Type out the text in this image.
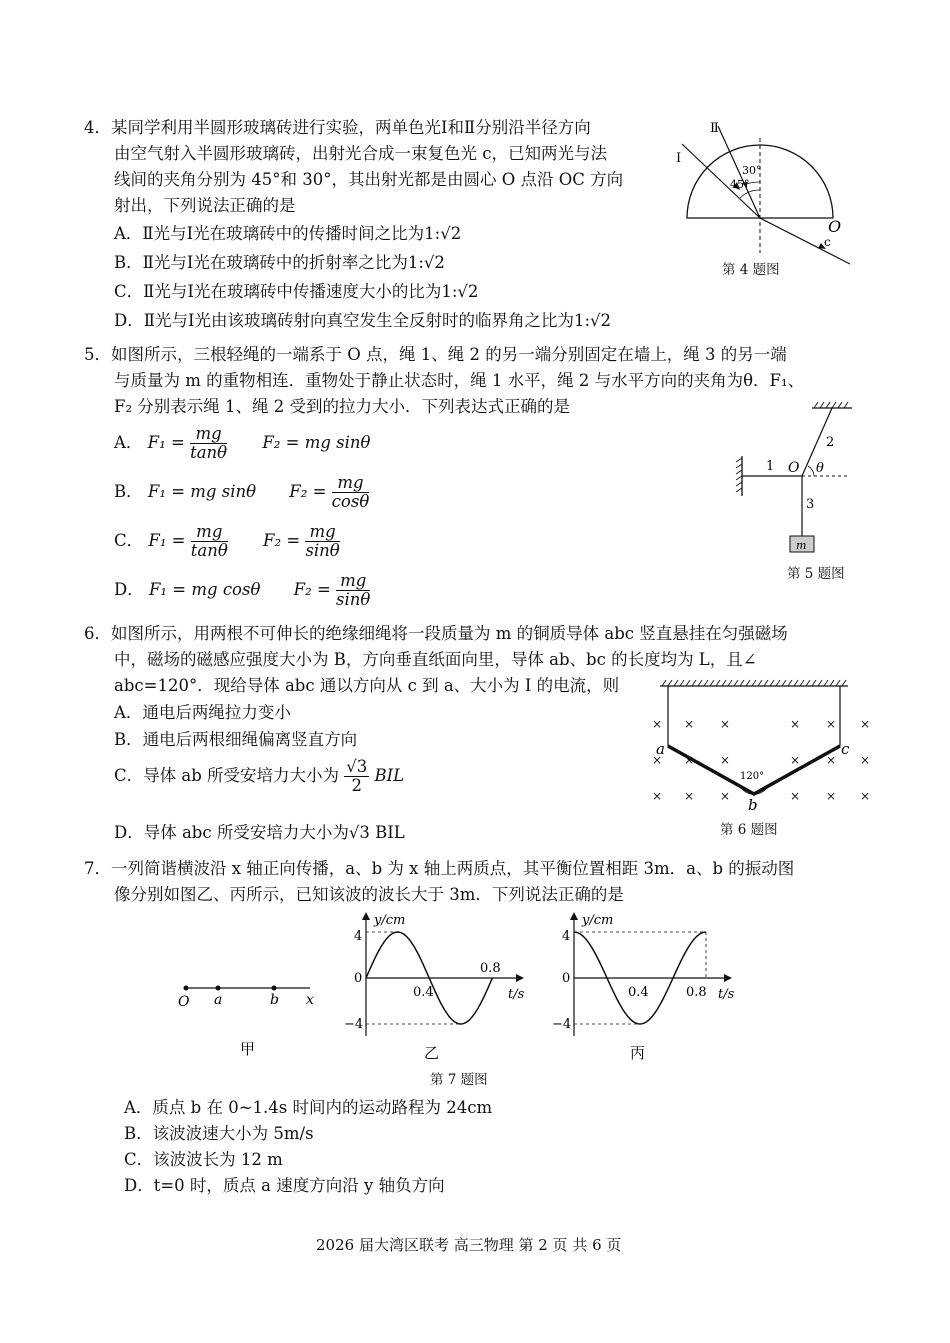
4．某同学利用半圆形玻璃砖进行实验，两单色光Ⅰ和Ⅱ分别沿半径方向
由空气射入半圆形玻璃砖，出射光合成一束复色光 c，已知两光与法
线间的夹角分别为 45°和 30°，其出射光都是由圆心 O 点沿 OC 方向
射出，下列说法正确的是
A．Ⅱ光与Ⅰ光在玻璃砖中的传播时间之比为1:√2
B．Ⅱ光与Ⅰ光在玻璃砖中的折射率之比为1:√2
C．Ⅱ光与Ⅰ光在玻璃砖中传播速度大小的比为1:√2
D．Ⅱ光与Ⅰ光由该玻璃砖射向真空发生全反射时的临界角之比为1:√2
Ⅱ
Ⅰ
30°
45°
O
c
第 4 题图
5．如图所示，三根轻绳的一端系于 O 点，绳 1、绳 2 的另一端分别固定在墙上，绳 3 的另一端
与质量为 m 的重物相连．重物处于静止状态时，绳 1 水平，绳 2 与水平方向的夹角为θ．F₁、
F₂ 分别表示绳 1、绳 2 受到的拉力大小．下列表达式正确的是
A． $F_1 = \frac{mg}{\tan\theta} F_2$ = mg sinθ
B． F₁ = mg sinθ $F_2 = \frac{mg}{\cos\theta}$
C． $F_1 = \frac{mg}{\tan\theta} F_2 = \frac{mg}{\sin\theta}$
D． F₁ = mg cosθ $F_2 = \frac{mg}{\sin\theta}$
1
2
3
O θ
m
第 5 题图
6．如图所示，用两根不可伸长的绝缘细绳将一段质量为 m 的铜质导体 abc 竖直悬挂在匀强磁场
中，磁场的磁感应强度大小为 B，方向垂直纸面向里，导体 ab、bc 的长度均为 L，且∠
abc=120°．现给导体 abc 通以方向从 c 到 a、大小为 I 的电流，则
A．通电后两绳拉力变小
B．通电后两根细绳偏离竖直方向
C．导体 ab 所受安培力大小为 $\frac{√3}{2}$ BIL
D．导体 abc 所受安培力大小为√3 BIL
×	×	×	×
× × ×	× × ×
× × ×	× × ×
×	×
a
b
c
120°
第 6 题图
7．一列简谐横波沿 x 轴正向传播，a、b 为 x 轴上两质点，其平衡位置相距 3m．a、b 的振动图
像分别如图乙、丙所示，已知该波的波长大于 3m．下列说法正确的是
O a	b x
甲
y/cm
t/s
4
0
−4
0.4
0.8
乙
y/cm
t/s
4
0
−4
0.4	0.8
丙
第 7 题图
A．质点 b 在 0~1.4s 时间内的运动路程为 24cm
B．该波波速大小为 5m/s
C．该波波长为 12 m
D．t=0 时，质点 a 速度方向沿 y 轴负方向
2026 届大湾区联考 高三物理 第 2 页 共 6 页
